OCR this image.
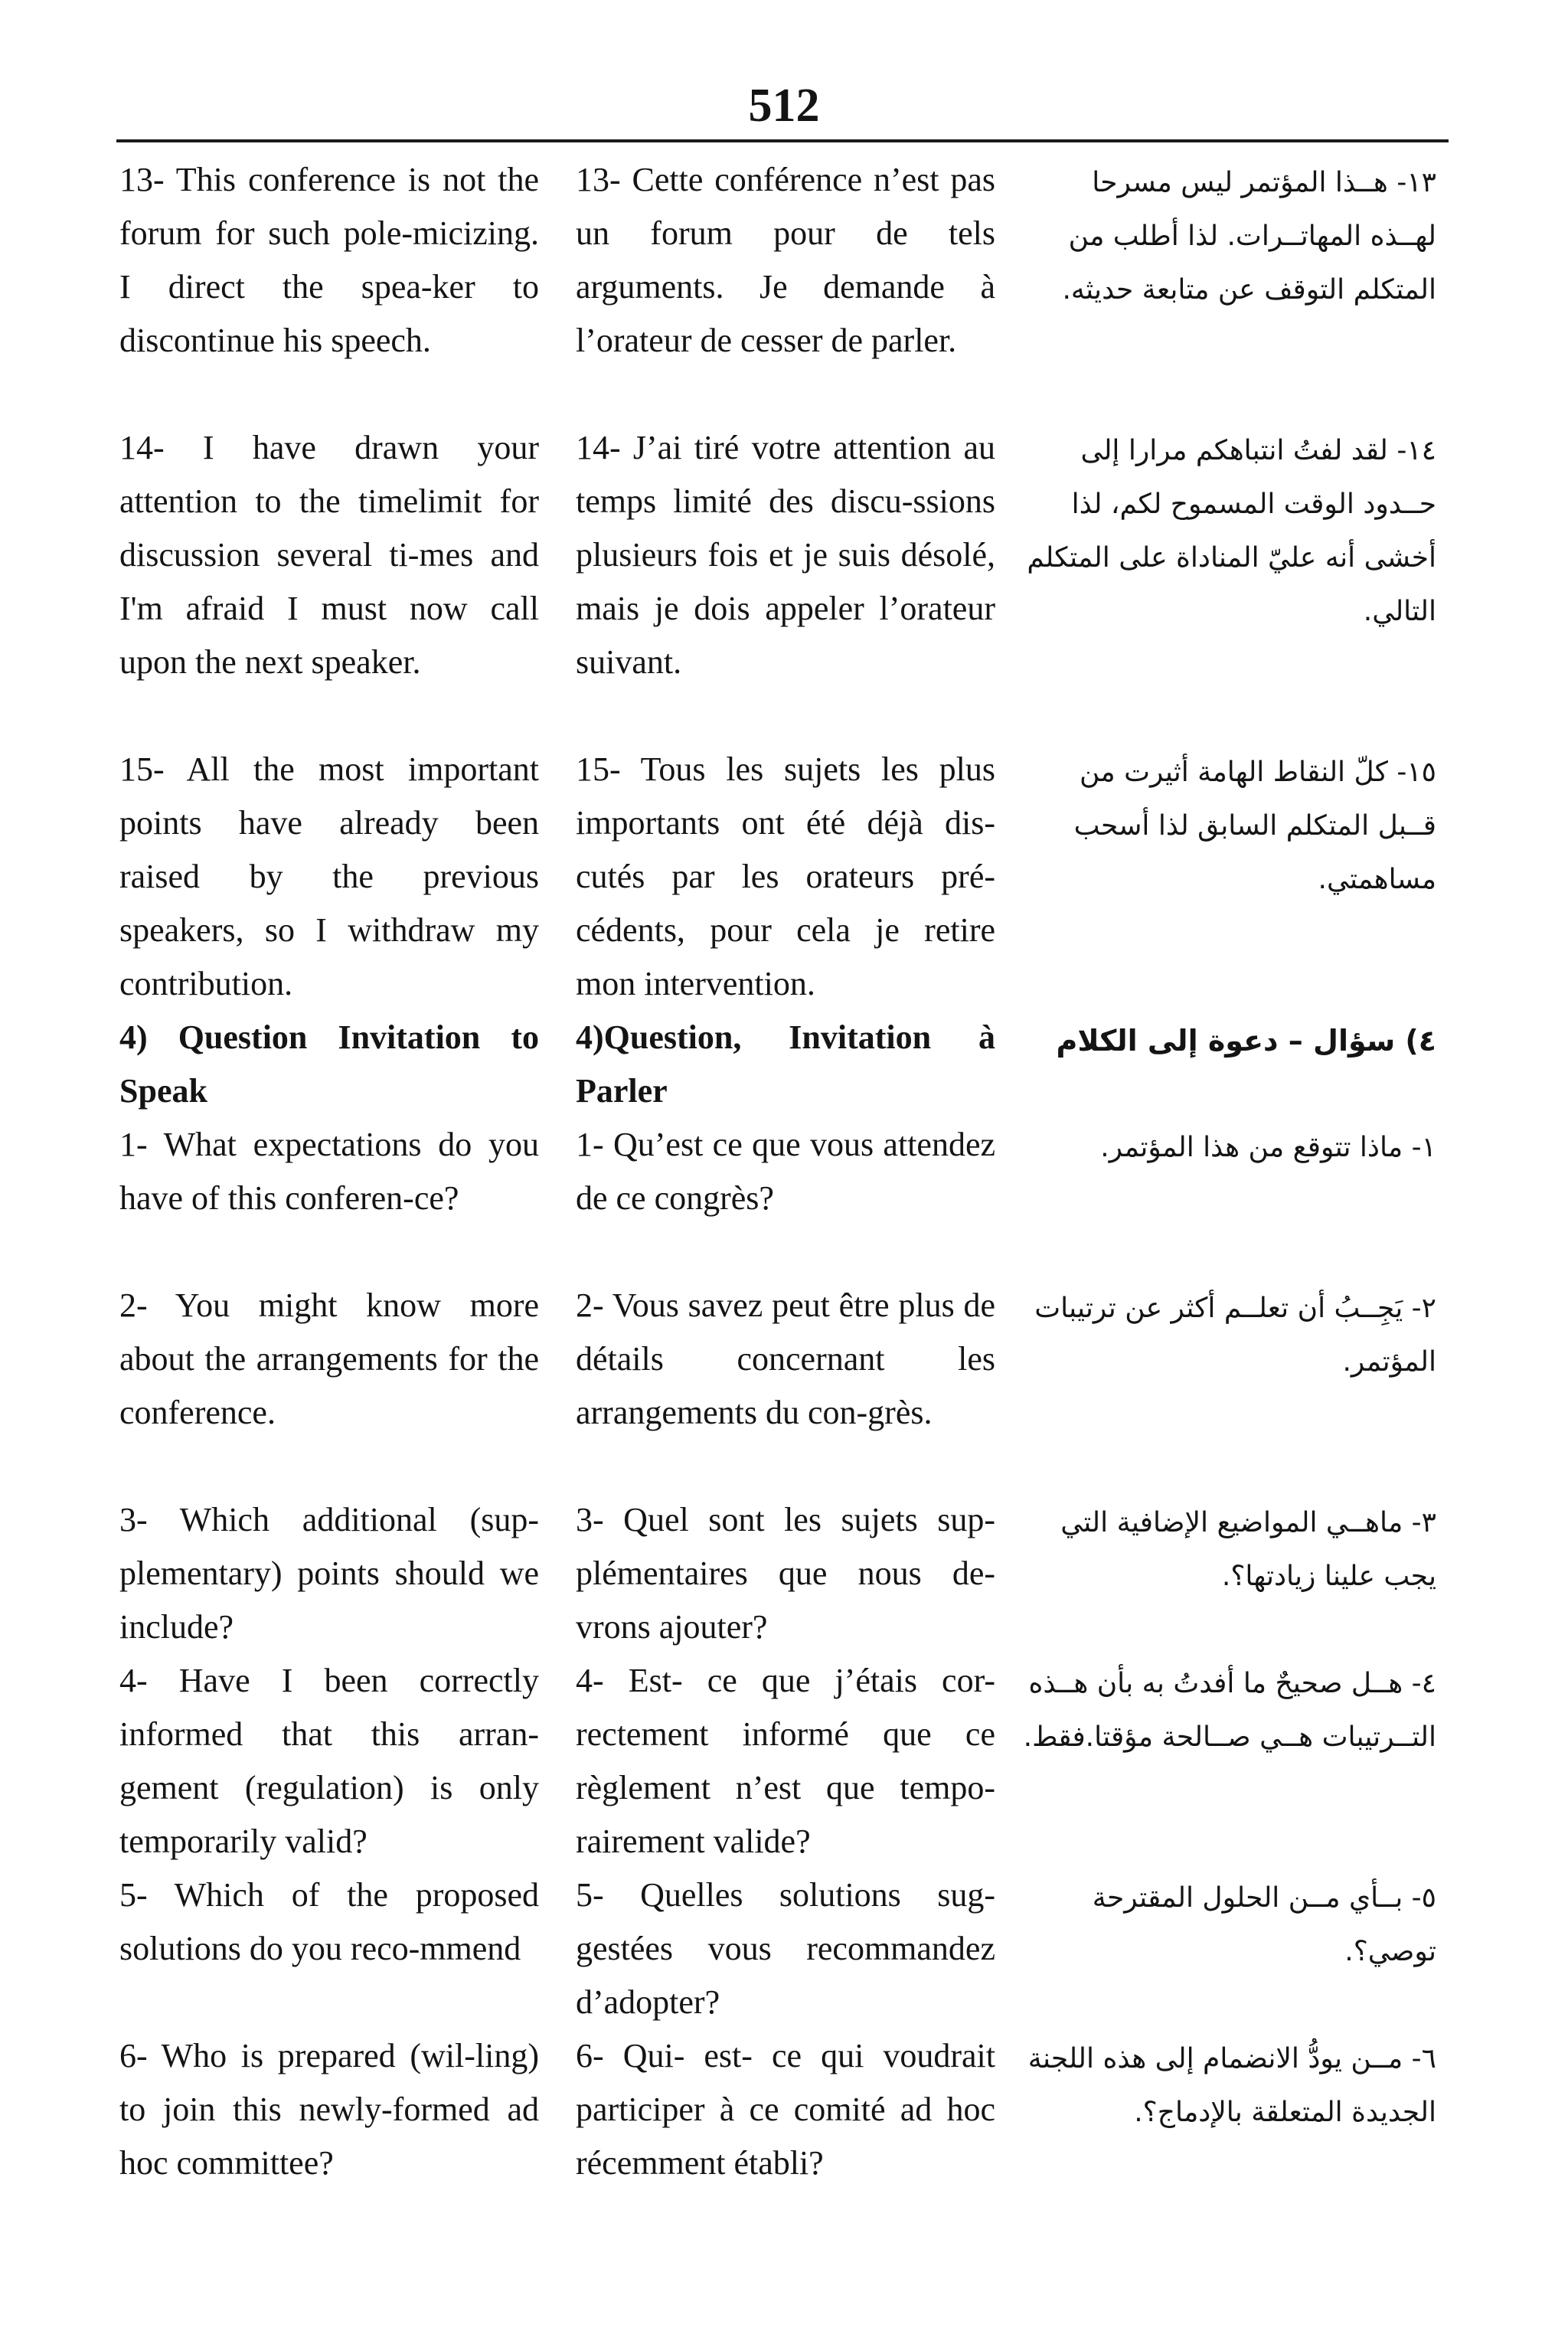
512

13- This conference is not the forum for such pole-micizing. I direct the spea-ker to discontinue his speech.

13- Cette conférence n’est pas un forum pour de tels arguments. Je demande à l’orateur de cesser de parler.

١٣- هــذا المؤتمر ليس مسرحا لهــذه المهاتــرات. لذا أطلب من المتكلم التوقف عن متابعة حديثه.

14- I have drawn your attention to the timelimit for discussion several ti-mes and I'm afraid I must now call upon the next speaker.

14- J’ai tiré votre attention au temps limité des discu-ssions plusieurs fois et je suis désolé, mais je dois appeler l’orateur suivant.

١٤- لقد لفتُ انتباهكم مرارا إلى حــدود الوقت المسموح لكم، لذا أخشى أنه عليّ المناداة على المتكلم التالي.

15- All the most important points have already been raised by the previous speakers, so I withdraw my contribution.

15- Tous les sujets les plus importants ont été déjà dis-cutés par les orateurs pré-cédents, pour cela je retire mon intervention.

١٥- كلّ النقاط الهامة أثيرت من قــبل المتكلم السابق لذا أسحب مساهمتي.

4) Question Invitation to Speak

4)Question, Invitation à Parler

٤) سؤال – دعوة إلى الكلام

1- What expectations do you have of this conferen-ce?

1- Qu’est ce que vous attendez de ce congrès?

١- ماذا تتوقع من هذا المؤتمر.

2- You might know more about the arrangements for the conference.

2- Vous savez peut être plus de détails concernant les arrangements du con-grès.

٢- يَجِــبُ أن تعلــم أكثر عن ترتيبات المؤتمر.

3- Which additional (sup-plementary) points should we include?

3- Quel sont les sujets sup-plémentaires que nous de-vrons ajouter?

٣- ماهــي المواضيع الإضافية التي يجب علينا زيادتها؟.

4- Have I been correctly informed that this arran-gement (regulation) is only temporarily valid?

4- Est- ce que j’étais cor-rectement informé que ce règlement n’est que tempo-rairement valide?

٤- هــل صحيحٌ ما أفدتُ به بأن هــذه التــرتيبات هــي صــالحة مؤقتا.فقط.

5- Which of the proposed solutions do you reco-mmend

5- Quelles solutions sug-gestées vous recommandez d’adopter?

٥- بــأي مــن الحلول المقترحة توصي؟.

6- Who is prepared (wil-ling) to join this newly-formed ad hoc committee?

6- Qui- est- ce qui voudrait participer à ce comité ad hoc récemment établi?

٦- مــن يودُّ الانضمام إلى هذه اللجنة الجديدة المتعلقة بالإدماج؟.
